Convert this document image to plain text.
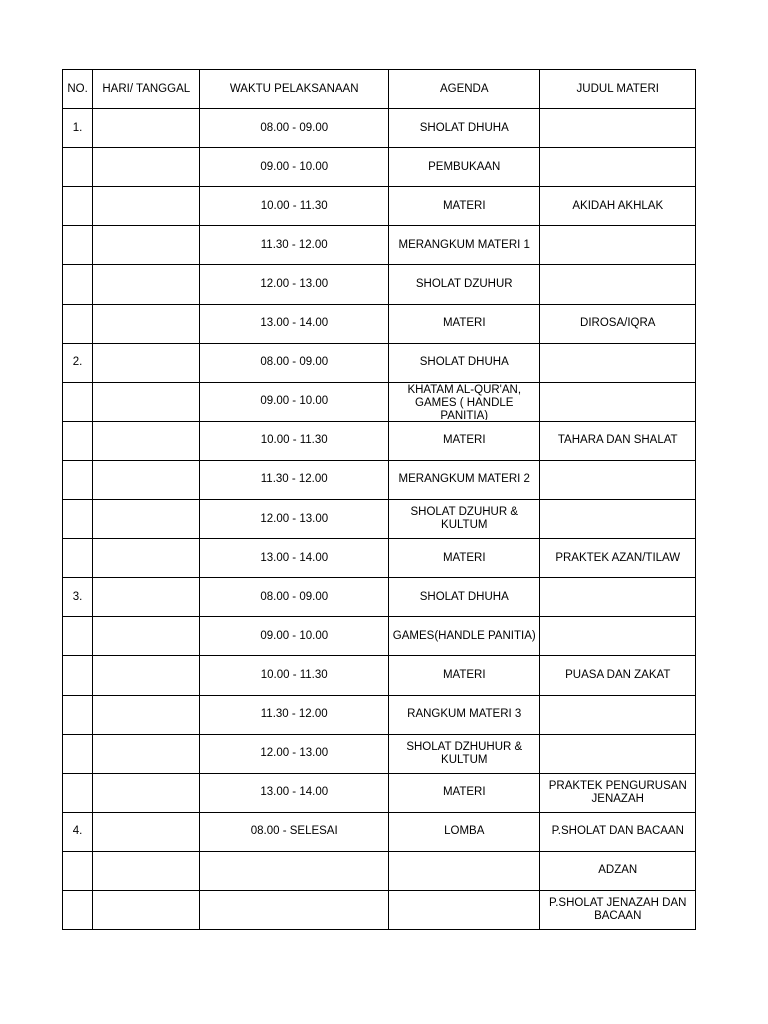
NO.	HARI/ TANGGAL	WAKTU PELAKSANAAN	AGENDA	JUDUL MATERI

1.		08.00 - 09.00	SHOLAT DHUHA	

		09.00 - 10.00	PEMBUKAAN	

		10.00 - 11.30	MATERI	AKIDAH AKHLAK

		11.30 - 12.00	MERANGKUM MATERI 1	

		12.00 - 13.00	SHOLAT DZUHUR	

		13.00 - 14.00	MATERI	DIROSA/IQRA

2.		08.00 - 09.00	SHOLAT DHUHA	

		09.00 - 10.00	KHATAM AL-QUR'AN, GAMES ( HANDLE PANITIA)	

		10.00 - 11.30	MATERI	TAHARA DAN SHALAT

		11.30 - 12.00	MERANGKUM MATERI 2	

		12.00 - 13.00	SHOLAT DZUHUR & KULTUM	

		13.00 - 14.00	MATERI	PRAKTEK AZAN/TILAW

3.		08.00 - 09.00	SHOLAT DHUHA	

		09.00 - 10.00	GAMES(HANDLE PANITIA)	

		10.00 - 11.30	MATERI	PUASA DAN ZAKAT

		11.30 - 12.00	RANGKUM MATERI 3	

		12.00 - 13.00	SHOLAT DZHUHUR & KULTUM	

		13.00 - 14.00	MATERI	PRAKTEK PENGURUSAN JENAZAH

4.		08.00 - SELESAI	LOMBA	P.SHOLAT DAN BACAAN

				ADZAN

				P.SHOLAT JENAZAH DAN BACAAN
